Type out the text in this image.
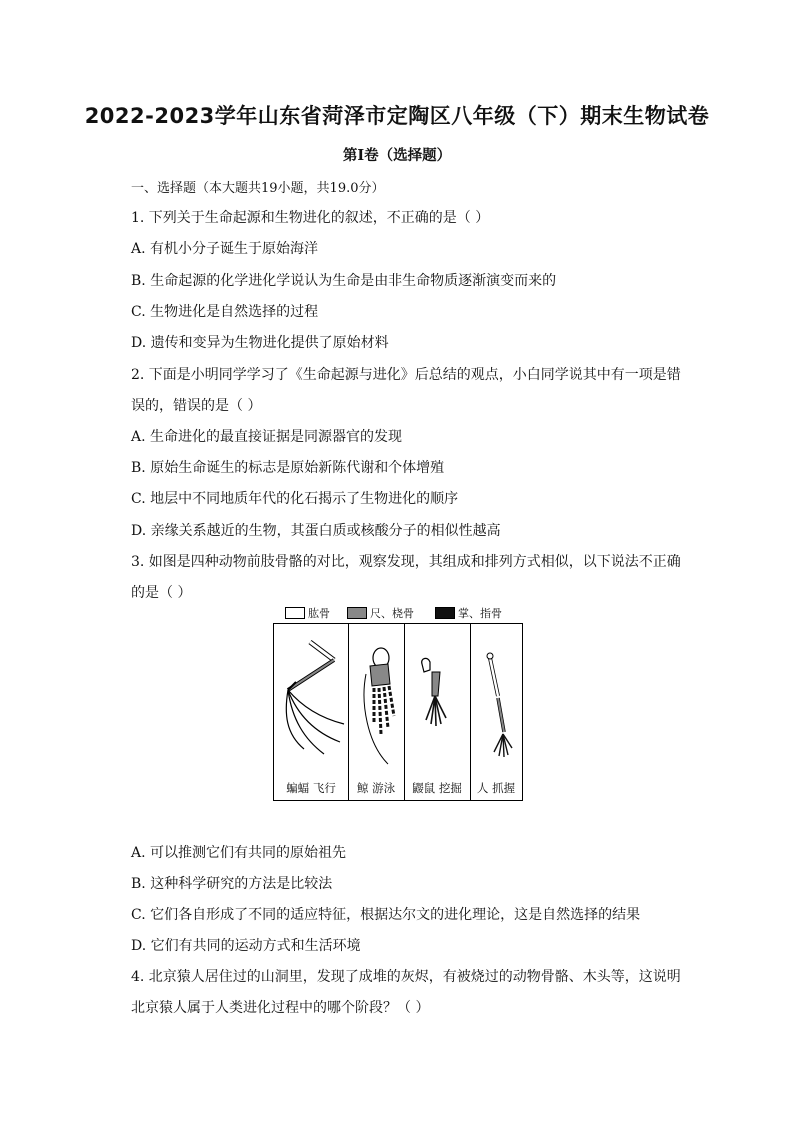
2022-2023学年山东省菏泽市定陶区八年级（下）期末生物试卷
第Ⅰ卷（选择题）
一、选择题（本大题共19小题，共19.0分）
1. 下列关于生命起源和生物进化的叙述，不正确的是（ ）
A. 有机小分子诞生于原始海洋
B. 生命起源的化学进化学说认为生命是由非生命物质逐渐演变而来的
C. 生物进化是自然选择的过程
D. 遗传和变异为生物进化提供了原始材料
2. 下面是小明同学学习了《生命起源与进化》后总结的观点，小白同学说其中有一项是错
误的，错误的是（ ）
A. 生命进化的最直接证据是同源器官的发现
B. 原始生命诞生的标志是原始新陈代谢和个体增殖
C. 地层中不同地质年代的化石揭示了生物进化的顺序
D. 亲缘关系越近的生物，其蛋白质或核酸分子的相似性越高
3. 如图是四种动物前肢骨骼的对比，观察发现，其组成和排列方式相似，以下说法不正确
的是（ ）
肱骨	尺、桡骨	掌、指骨
蝙蝠 飞行	鲸 游泳	鼹鼠 挖掘	人 抓握
A. 可以推测它们有共同的原始祖先
B. 这种科学研究的方法是比较法
C. 它们各自形成了不同的适应特征，根据达尔文的进化理论，这是自然选择的结果
D. 它们有共同的运动方式和生活环境
4. 北京猿人居住过的山洞里，发现了成堆的灰烬，有被烧过的动物骨骼、木头等，这说明
北京猿人属于人类进化过程中的哪个阶段？（ ）
